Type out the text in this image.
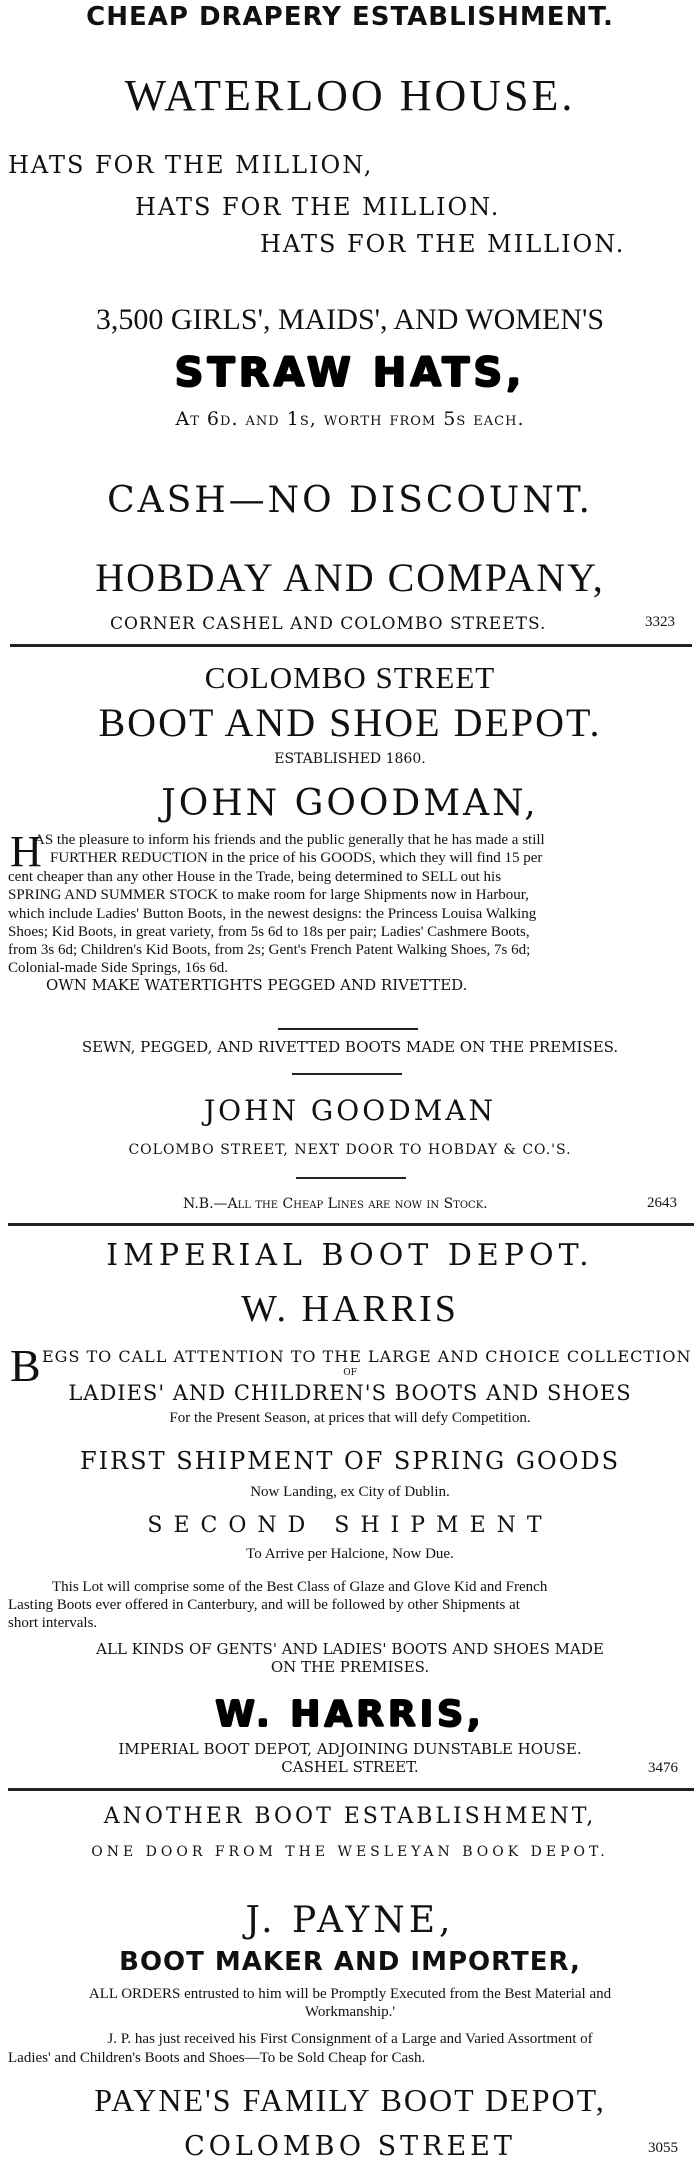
CHEAP DRAPERY ESTABLISHMENT.
WATERLOO HOUSE.
HATS FOR THE MILLION,
HATS FOR THE MILLION.
HATS FOR THE MILLION.
3,500 GIRLS', MAIDS', AND WOMEN'S
STRAW HATS,
At 6d. and 1s, worth from 5s each.
CASH—NO DISCOUNT.
HOBDAY AND COMPANY,
CORNER CASHEL AND COLOMBO STREETS.	3323
COLOMBO STREET
BOOT AND SHOE DEPOT.
ESTABLISHED 1860.
JOHN GOODMAN,
H
AS the pleasure to inform his friends and the public generally that he has made a still
FURTHER REDUCTION in the price of his GOODS, which they will find 15 per
cent cheaper than any other House in the Trade, being determined to SELL out his
SPRING AND SUMMER STOCK to make room for large Shipments now in Harbour,
which include Ladies' Button Boots, in the newest designs: the Princess Louisa Walking
Shoes; Kid Boots, in great variety, from 5s 6d to 18s per pair; Ladies' Cashmere Boots,
from 3s 6d; Children's Kid Boots, from 2s; Gent's French Patent Walking Shoes, 7s 6d;
Colonial-made Side Springs, 16s 6d.
OWN MAKE WATERTIGHTS PEGGED AND RIVETTED.
SEWN, PEGGED, AND RIVETTED BOOTS MADE ON THE PREMISES.
JOHN GOODMAN
COLOMBO STREET, NEXT DOOR TO HOBDAY & CO.'S.
N.B.—All the Cheap Lines are now in Stock.	2643
IMPERIAL BOOT DEPOT.
W. HARRIS
B EGS TO CALL ATTENTION TO THE LARGE AND CHOICE COLLECTION
OF
LADIES' AND CHILDREN'S BOOTS AND SHOES
For the Present Season, at prices that will defy Competition.
FIRST SHIPMENT OF SPRING GOODS
Now Landing, ex City of Dublin.
SECOND SHIPMENT
To Arrive per Halcione, Now Due.
This Lot will comprise some of the Best Class of Glaze and Glove Kid and French
Lasting Boots ever offered in Canterbury, and will be followed by other Shipments at
short intervals.
ALL KINDS OF GENTS' AND LADIES' BOOTS AND SHOES MADE
ON THE PREMISES.
W. HARRIS,
IMPERIAL BOOT DEPOT, ADJOINING DUNSTABLE HOUSE.
CASHEL STREET.	3476
ANOTHER BOOT ESTABLISHMENT,
ONE DOOR FROM THE WESLEYAN BOOK DEPOT.
J. PAYNE,
BOOT MAKER AND IMPORTER,
ALL ORDERS entrusted to him will be Promptly Executed from the Best Material and
Workmanship.'
J. P. has just received his First Consignment of a Large and Varied Assortment of
Ladies' and Children's Boots and Shoes—To be Sold Cheap for Cash.
PAYNE'S FAMILY BOOT DEPOT,
COLOMBO STREET	3055
